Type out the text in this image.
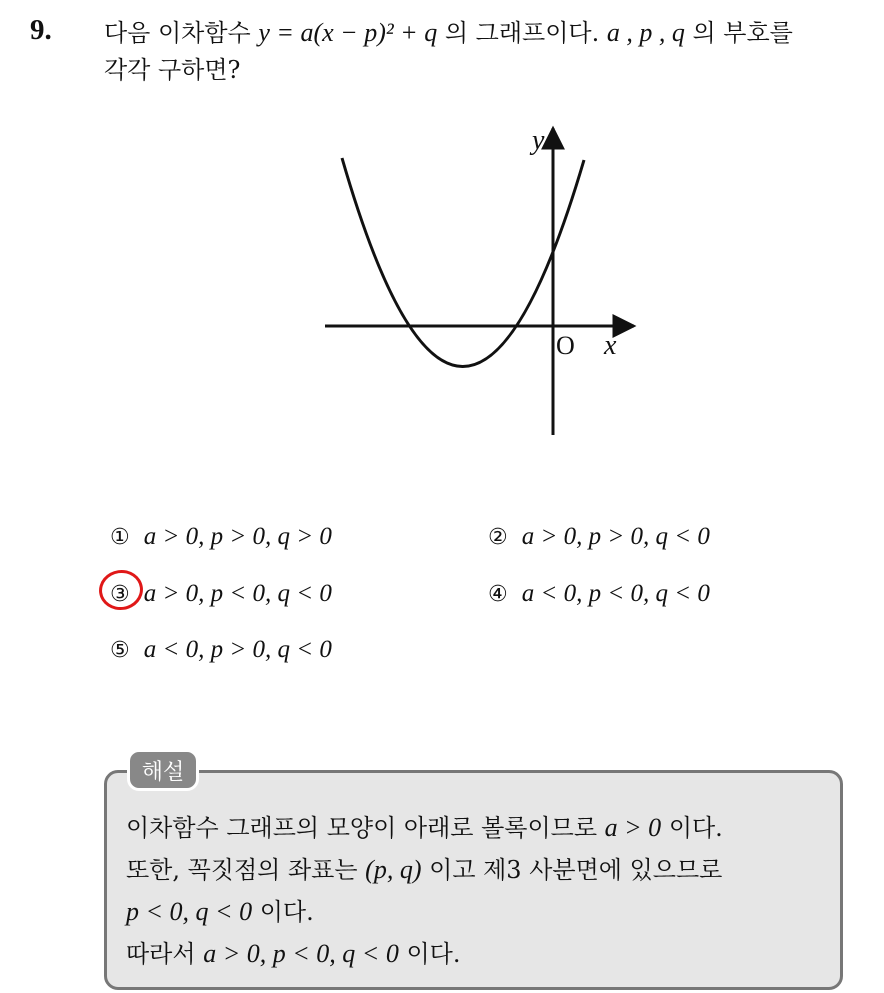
9. 다음 이차함수 y = a(x − p)² + q 의 그래프이다. a , p , q 의 부호를
각각 구하면?
y
x
O
① a > 0, p > 0, q > 0	② a > 0, p > 0, q < 0
③ a > 0, p < 0, q < 0	④ a < 0, p < 0, q < 0
⑤ a < 0, p > 0, q < 0
해설
이차함수 그래프의 모양이 아래로 볼록이므로 a > 0 이다.
또한, 꼭짓점의 좌표는 (p, q) 이고 제3 사분면에 있으므로
p < 0, q < 0 이다.
따라서 a > 0, p < 0, q < 0 이다.
